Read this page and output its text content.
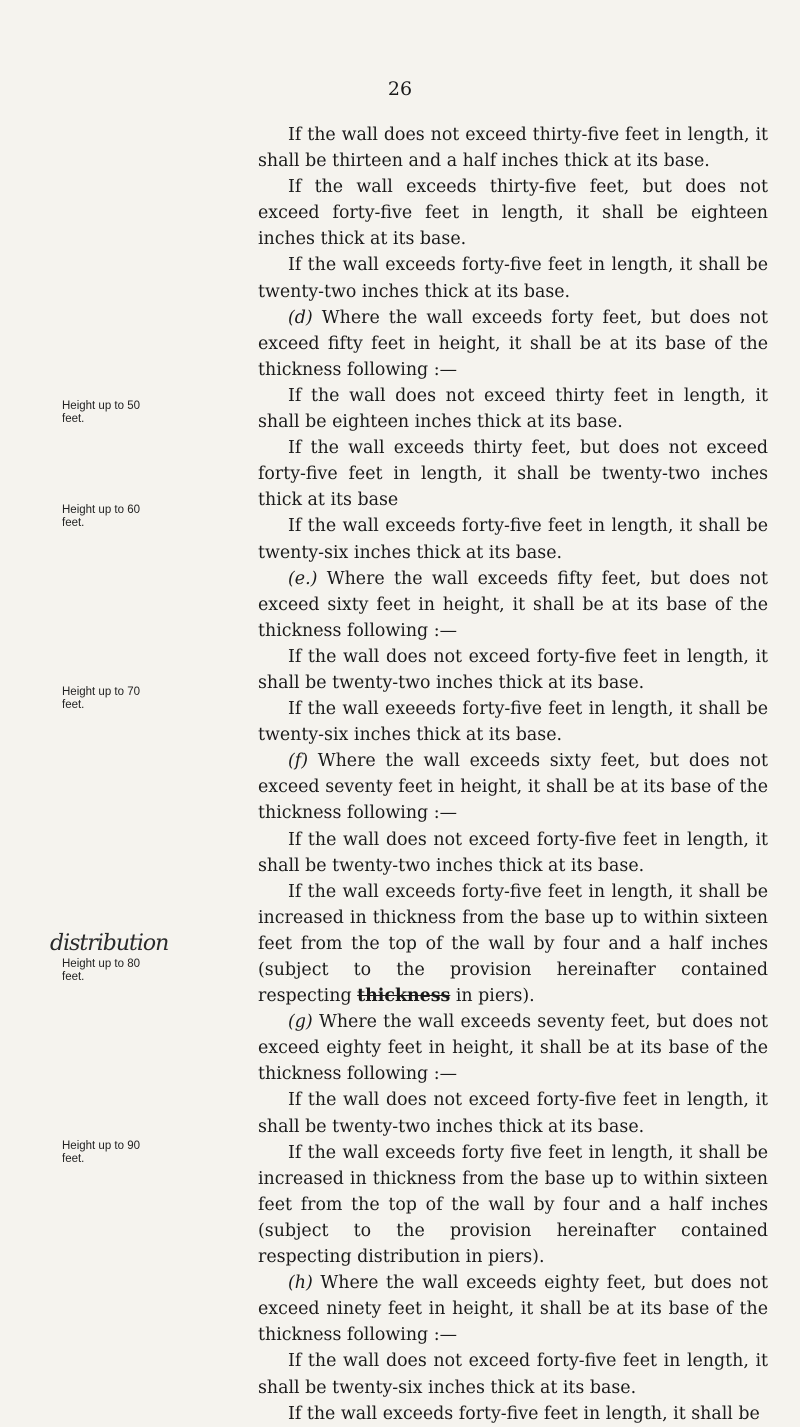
26
Height up to 50 feet.
Height up to 60 feet.
Height up to 70 feet.
distribution
Height up to 80 feet.
Height up to 90 feet.

If the wall does not exceed thirty-five feet in length, it shall be thirteen and a half inches thick at its base.

If the wall exceeds thirty-five feet, but does not exceed forty-five feet in length, it shall be eighteen inches thick at its base.

If the wall exceeds forty-five feet in length, it shall be twenty-two inches thick at its base.

(d) Where the wall exceeds forty feet, but does not exceed fifty feet in height, it shall be at its base of the thickness following :—

If the wall does not exceed thirty feet in length, it shall be eighteen inches thick at its base.

If the wall exceeds thirty feet, but does not exceed forty-five feet in length, it shall be twenty-two inches thick at its base

If the wall exceeds forty-five feet in length, it shall be twenty-six inches thick at its base.

(e.) Where the wall exceeds fifty feet, but does not exceed sixty feet in height, it shall be at its base of the thickness following :—

If the wall does not exceed forty-five feet in length, it shall be twenty-two inches thick at its base.

If the wall exeeeds forty-five feet in length, it shall be twenty-six inches thick at its base.

(f) Where the wall exceeds sixty feet, but does not exceed seventy feet in height, it shall be at its base of the thickness following :—

If the wall does not exceed forty-five feet in length, it shall be twenty-two inches thick at its base.

If the wall exceeds forty-five feet in length, it shall be increased in thickness from the base up to within sixteen feet from the top of the wall by four and a half inches (subject to the provision hereinafter contained respecting thickness in piers).

(g) Where the wall exceeds seventy feet, but does not exceed eighty feet in height, it shall be at its base of the thickness following :—

If the wall does not exceed forty-five feet in length, it shall be twenty-two inches thick at its base.

If the wall exceeds forty five feet in length, it shall be increased in thickness from the base up to within sixteen feet from the top of the wall by four and a half inches (subject to the provision hereinafter contained respecting distribution in piers).

(h) Where the wall exceeds eighty feet, but does not exceed ninety feet in height, it shall be at its base of the thickness following :—

If the wall does not exceed forty-five feet in length, it shall be twenty-six inches thick at its base.

If the wall exceeds forty-five feet in length, it shall be
